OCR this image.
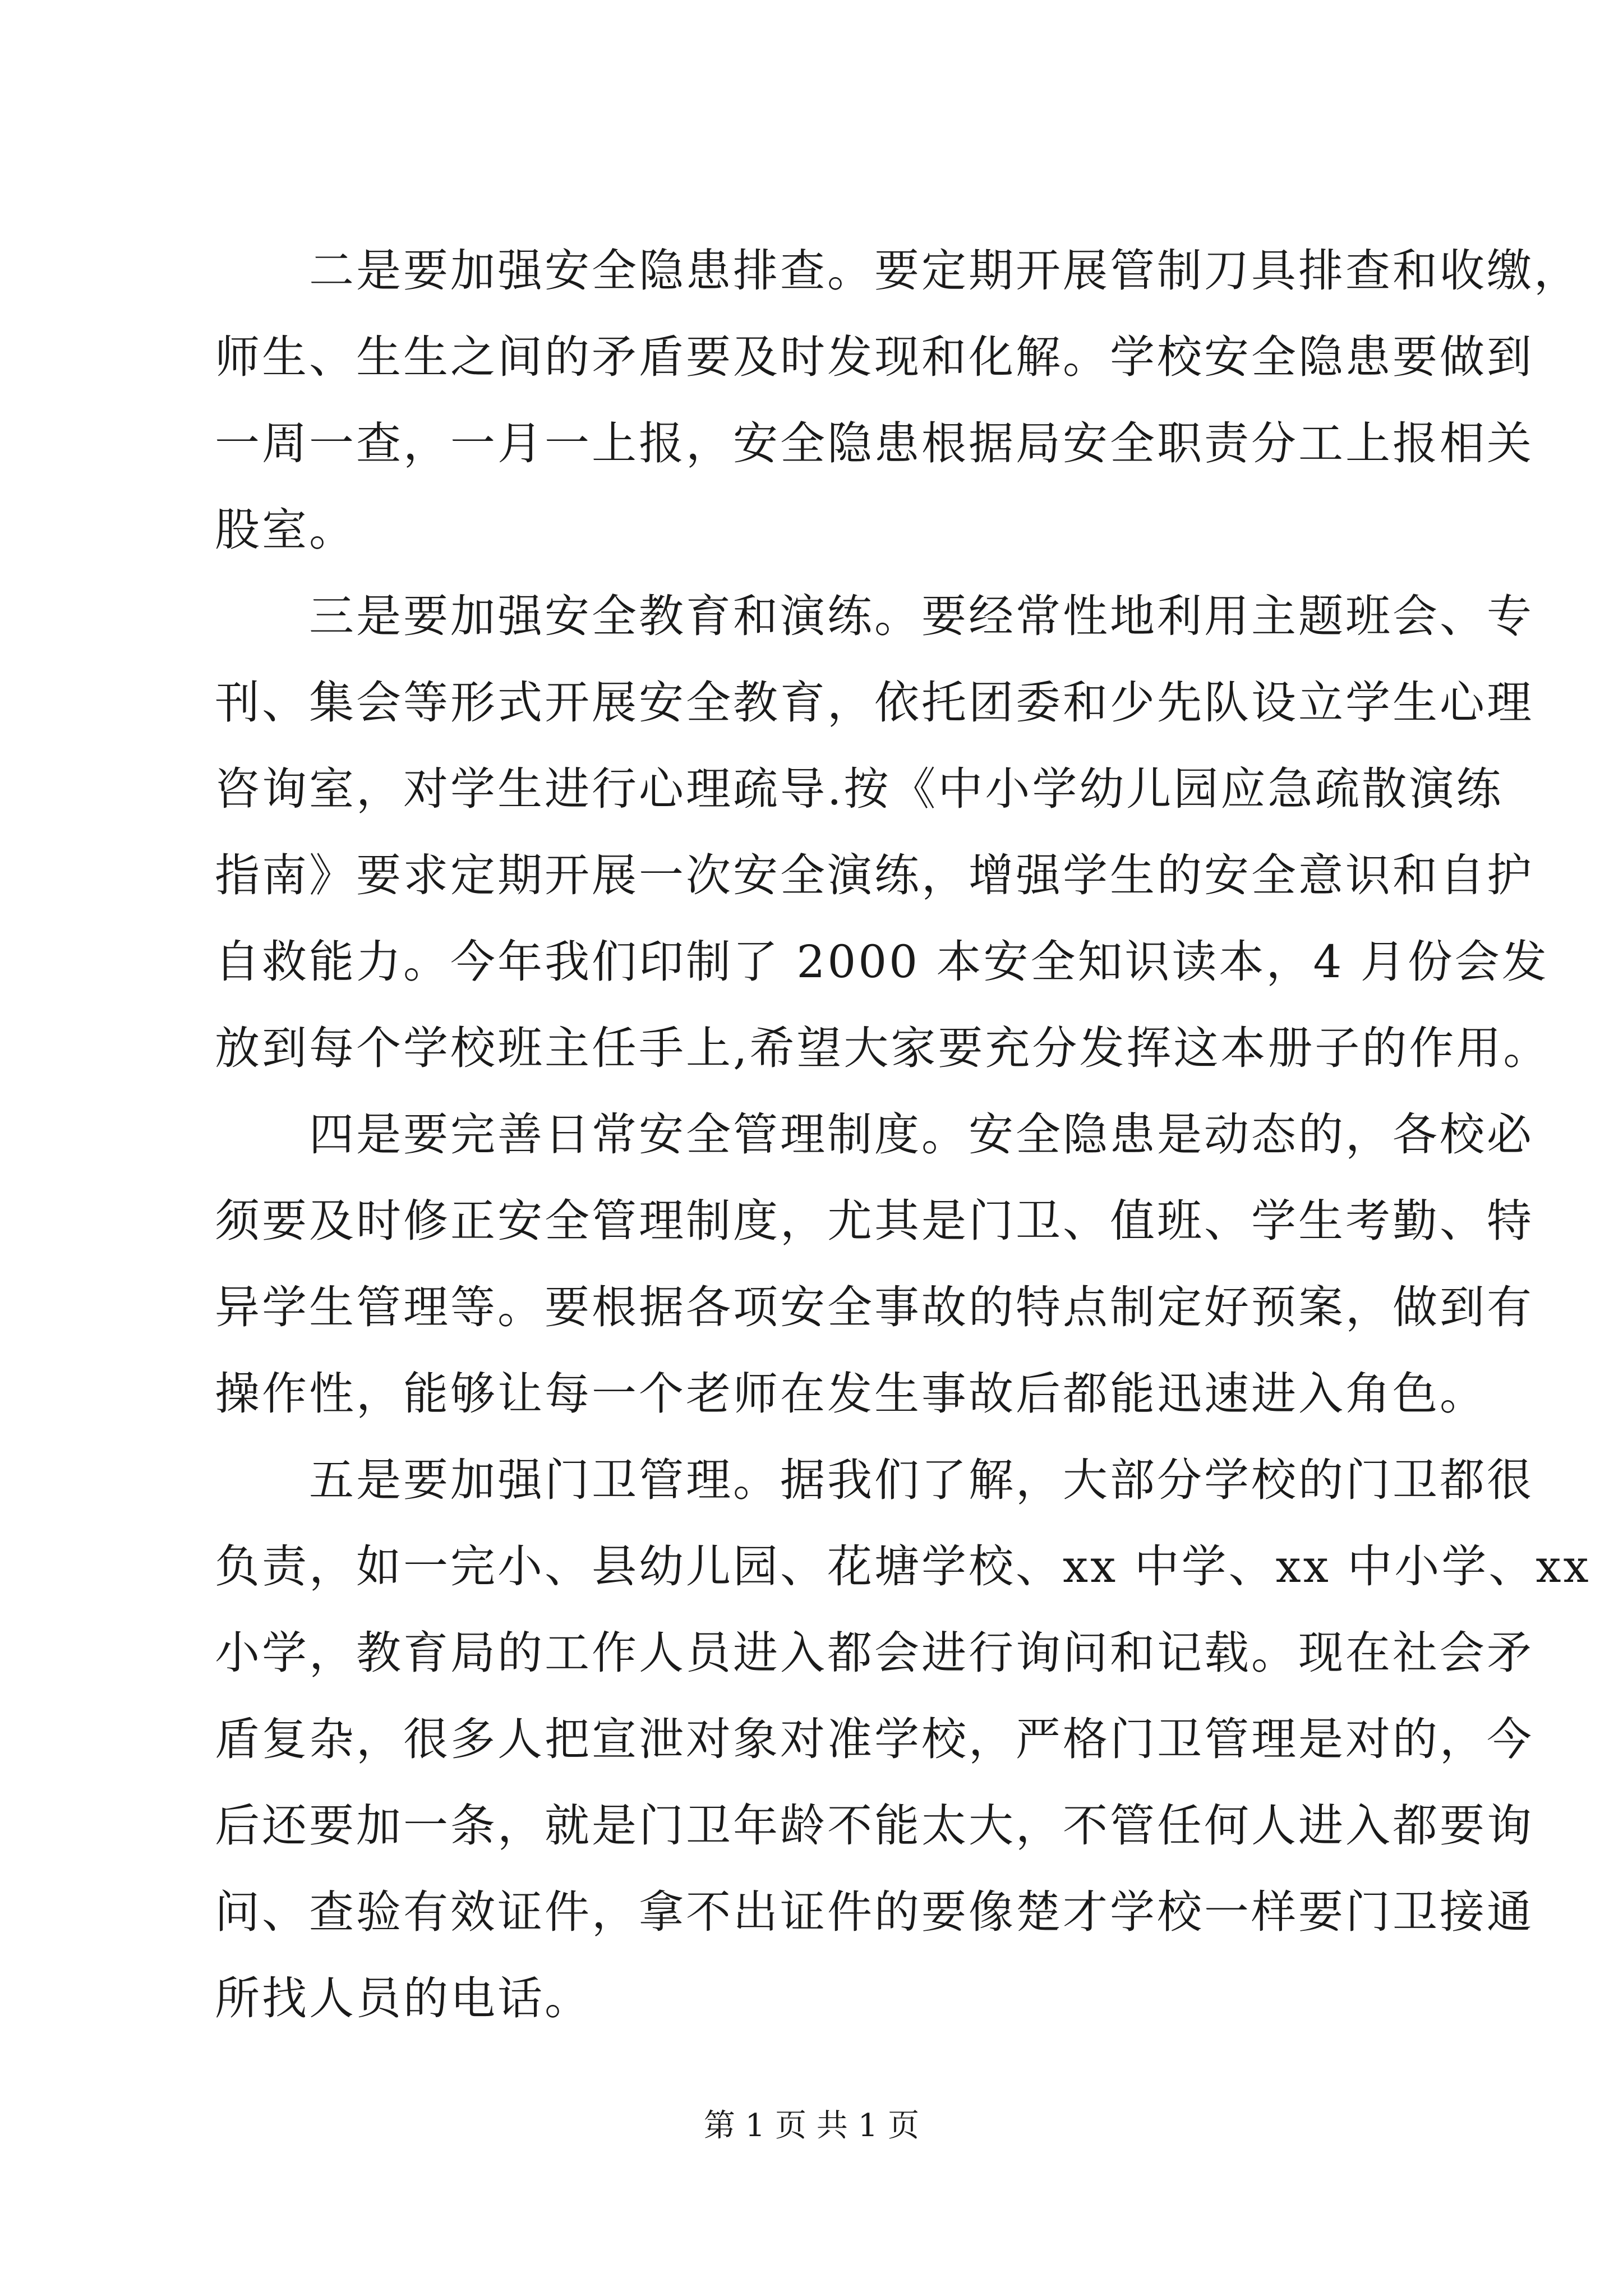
二是要加强安全隐患排查。要定期开展管制刀具排查和收缴，
师生、生生之间的矛盾要及时发现和化解。学校安全隐患要做到
一周一查，一月一上报，安全隐患根据局安全职责分工上报相关
股室。
三是要加强安全教育和演练。要经常性地利用主题班会、专
刊、集会等形式开展安全教育，依托团委和少先队设立学生心理
咨询室，对学生进行心理疏导.按《中小学幼儿园应急疏散演练
指南》要求定期开展一次安全演练，增强学生的安全意识和自护
自救能力。今年我们印制了 2000 本安全知识读本，4 月份会发
放到每个学校班主任手上,希望大家要充分发挥这本册子的作用。
四是要完善日常安全管理制度。安全隐患是动态的，各校必
须要及时修正安全管理制度，尤其是门卫、值班、学生考勤、特
异学生管理等。要根据各项安全事故的特点制定好预案，做到有
操作性，能够让每一个老师在发生事故后都能迅速进入角色。
五是要加强门卫管理。据我们了解，大部分学校的门卫都很
负责，如一完小、县幼儿园、花塘学校、xx 中学、xx 中小学、xx
小学，教育局的工作人员进入都会进行询问和记载。现在社会矛
盾复杂，很多人把宣泄对象对准学校，严格门卫管理是对的，今
后还要加一条，就是门卫年龄不能太大，不管任何人进入都要询
问、查验有效证件，拿不出证件的要像楚才学校一样要门卫接通
所找人员的电话。
第 1 页 共 1 页
